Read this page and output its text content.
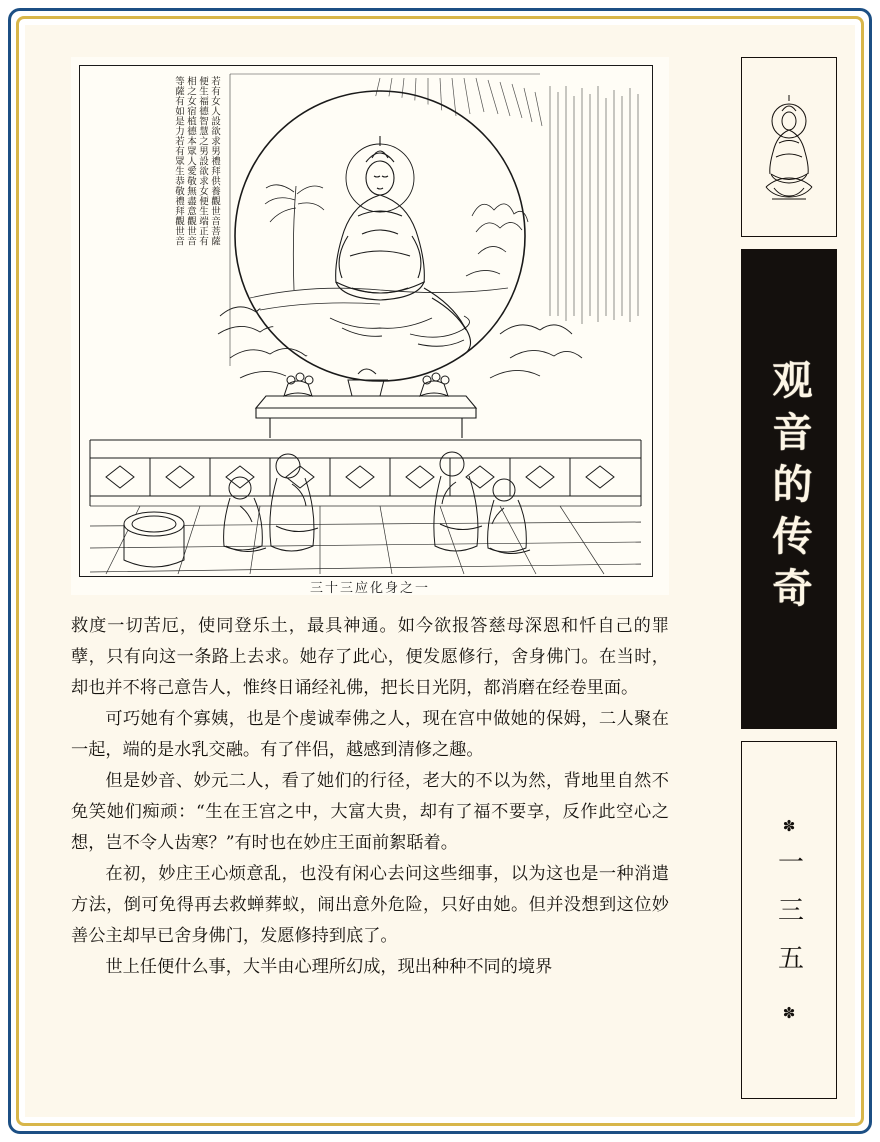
若有女人設欲求男禮拜供養觀世音菩薩
便生福德智慧之男設欲求女便生端正有
相之女宿植德本眾人愛敬無盡意觀世音
等薩有如是力若有眾生恭敬禮拜觀世音
三十三应化身之一

救度一切苦厄，使同登乐土，最具神通。如今欲报答慈母深恩和忏自己的罪孽，只有向这一条路上去求。她存了此心，便发愿修行，舍身佛门。在当时，却也并不将己意告人，惟终日诵经礼佛，把长日光阴，都消磨在经卷里面。

可巧她有个寡姨，也是个虔诚奉佛之人，现在宫中做她的保姆，二人聚在一起，端的是水乳交融。有了伴侣，越感到清修之趣。

但是妙音、妙元二人，看了她们的行径，老大的不以为然，背地里自然不免笑她们痴顽：“生在王宫之中，大富大贵，却有了福不要享，反作此空心之想，岂不令人齿寒？”有时也在妙庄王面前絮聒着。

在初，妙庄王心烦意乱，也没有闲心去问这些细事，以为这也是一种消遣方法，倒可免得再去救蝉葬蚁，闹出意外危险，只好由她。但并没想到这位妙善公主却早已舍身佛门，发愿修持到底了。

世上任便什么事，大半由心理所幻成，现出种种不同的境界

观音的传奇
✽
一三五
✽
